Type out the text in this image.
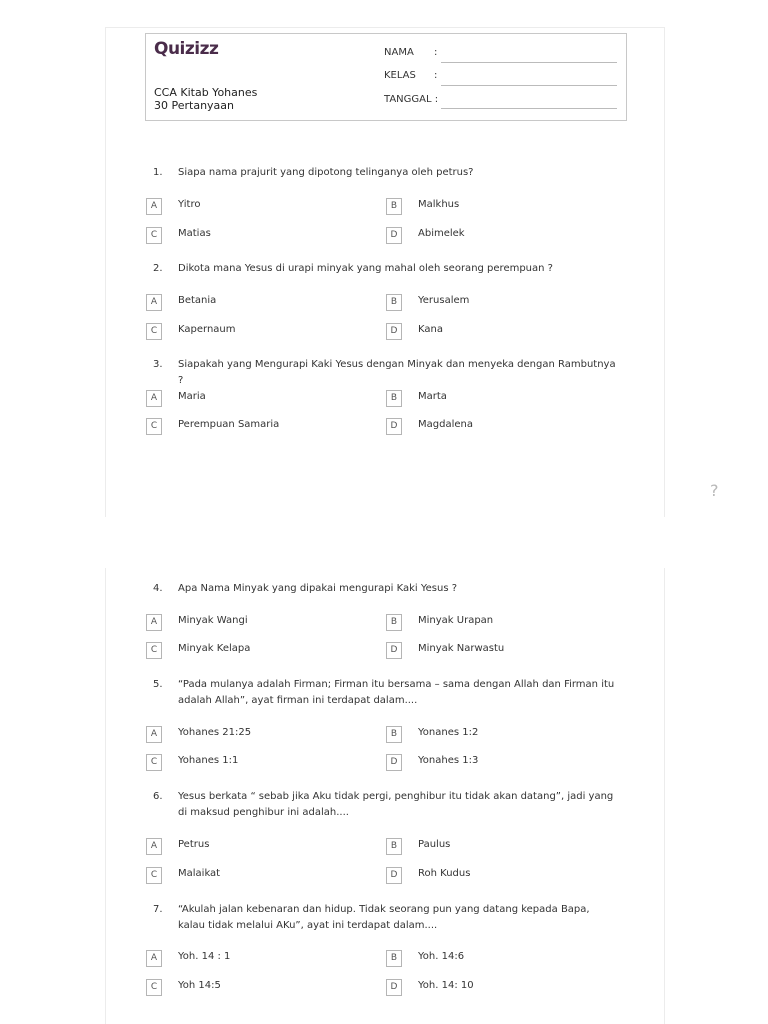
Quizizz
CCA Kitab Yohanes
30 Pertanyaan
NAMA :
KELAS :
TANGGAL :
1.	Siapa nama prajurit yang dipotong telinganya oleh petrus?
A	Yitro	B	Malkhus
C	Matias	D	Abimelek
2.	Dikota mana Yesus di urapi minyak yang mahal oleh seorang perempuan ?
A	Betania	B	Yerusalem
C	Kapernaum	D	Kana
3.	Siapakah yang Mengurapi Kaki Yesus dengan Minyak dan menyeka dengan Rambutnya ?
A	Maria	B	Marta
C	Perempuan Samaria	D	Magdalena
4.	Apa Nama Minyak yang dipakai mengurapi Kaki Yesus ?
A	Minyak Wangi	B	Minyak Urapan
C	Minyak Kelapa	D	Minyak Narwastu
5.	“Pada mulanya adalah Firman; Firman itu bersama – sama dengan Allah dan Firman itu adalah Allah”, ayat firman ini terdapat dalam....
A	Yohanes 21:25	B	Yonanes 1:2
C	Yohanes 1:1	D	Yonahes 1:3
6.	Yesus berkata “ sebab jika Aku tidak pergi, penghibur itu tidak akan datang”, jadi yang di maksud penghibur ini adalah....
A	Petrus	B	Paulus
C	Malaikat	D	Roh Kudus
7.	“Akulah jalan kebenaran dan hidup. Tidak seorang pun yang datang kepada Bapa, kalau tidak melalui AKu”, ayat ini terdapat dalam....
A	Yoh. 14 : 1	B	Yoh. 14:6
C	Yoh 14:5	D	Yoh. 14: 10
?
